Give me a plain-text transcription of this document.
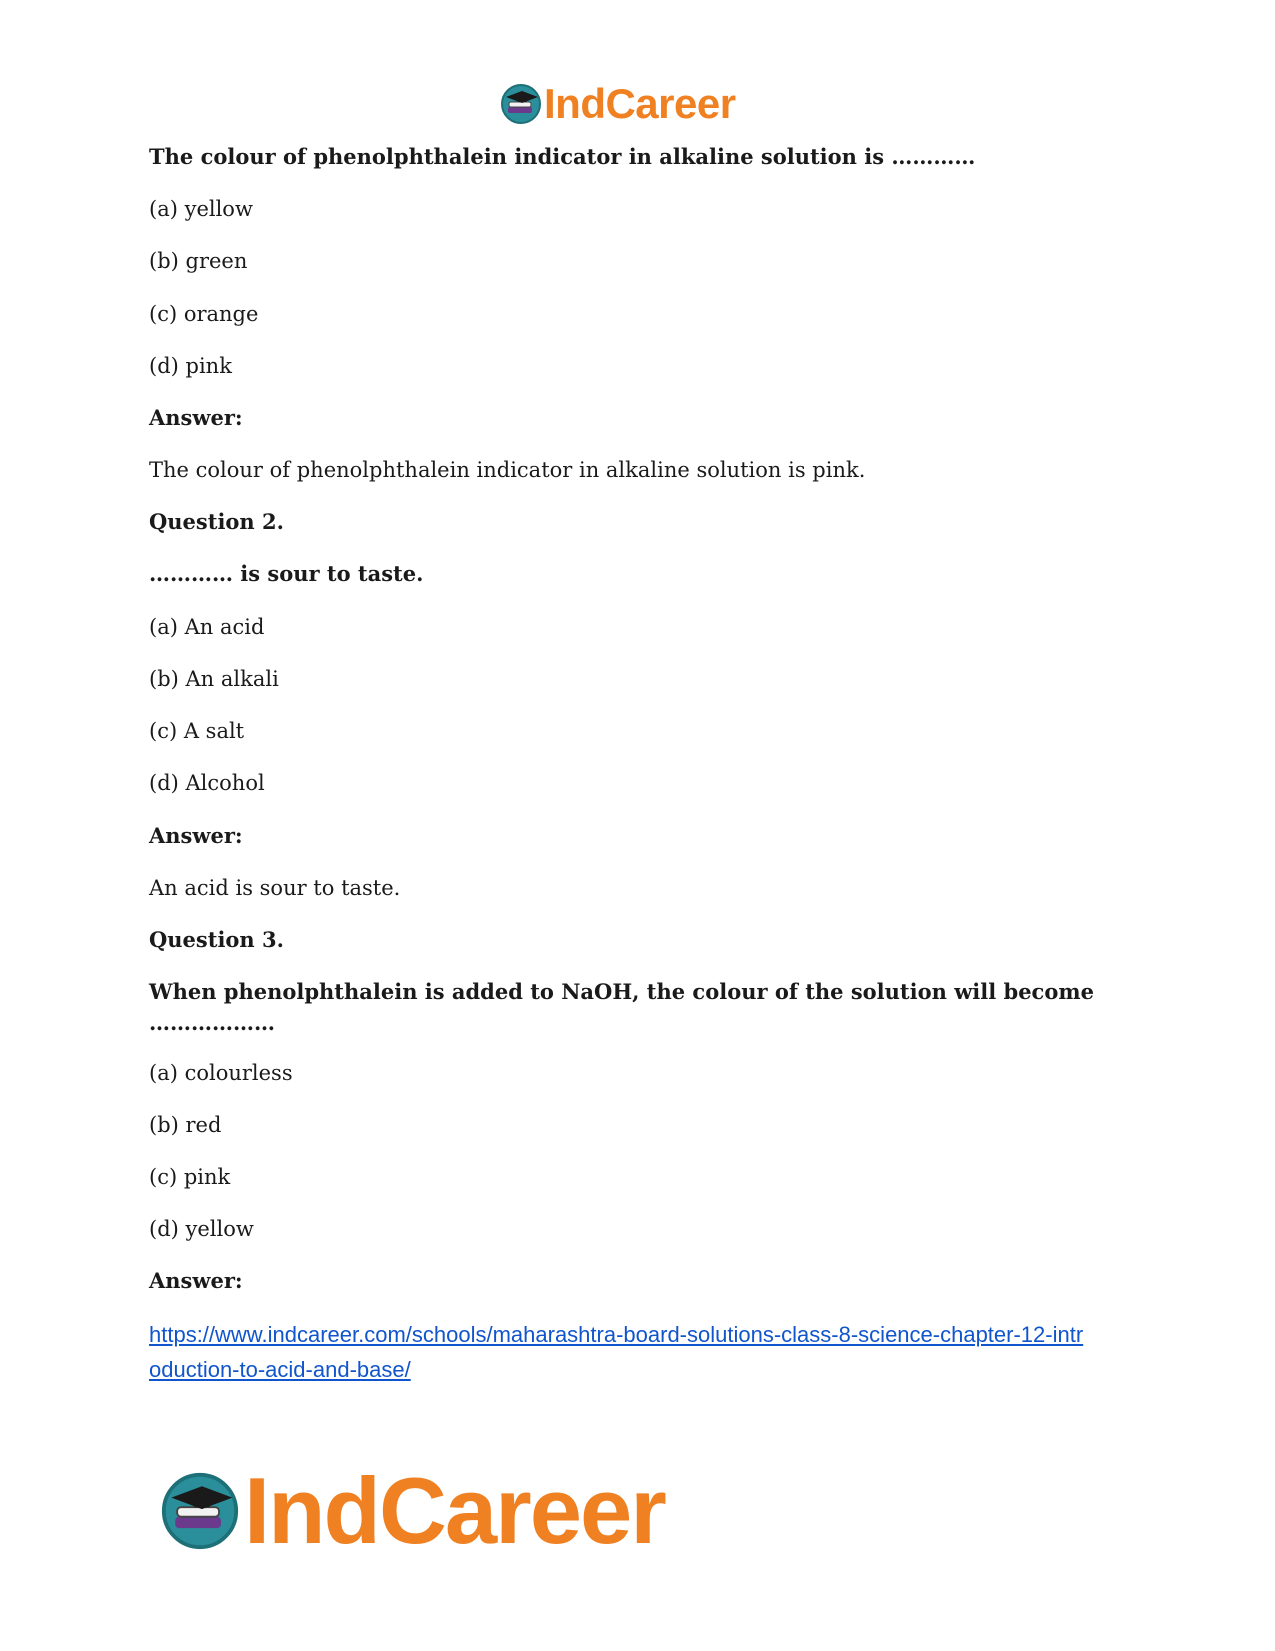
IndCareer
The colour of phenolphthalein indicator in alkaline solution is …………
(a) yellow
(b) green
(c) orange
(d) pink
Answer:
The colour of phenolphthalein indicator in alkaline solution is pink.
Question 2.
………… is sour to taste.
(a) An acid
(b) An alkali
(c) A salt
(d) Alcohol
Answer:
An acid is sour to taste.
Question 3.
When phenolphthalein is added to NaOH, the colour of the solution will become
………………
(a) colourless
(b) red
(c) pink
(d) yellow
Answer:
https://www.indcareer.com/schools/maharashtra-board-solutions-class-8-science-chapter-12-intr
oduction-to-acid-and-base/
IndCareer
